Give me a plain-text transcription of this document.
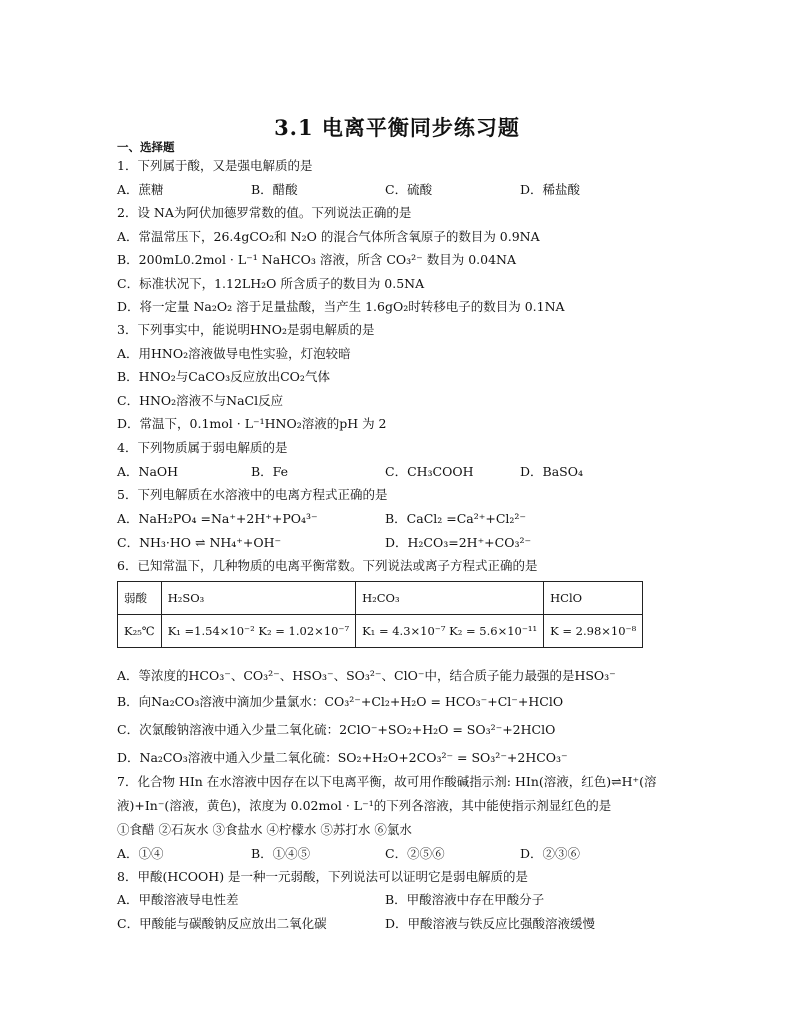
3.1 电离平衡同步练习题
一、选择题
1．下列属于酸，又是强电解质的是
A．蔗糖	B．醋酸	C．硫酸	D．稀盐酸
2．设 NA为阿伏加德罗常数的值。下列说法正确的是
A．常温常压下，26.4gCO₂和 N₂O 的混合气体所含氧原子的数目为 0.9NA
B．200mL0.2mol · L⁻¹ NaHCO₃ 溶液，所含 CO₃²⁻ 数目为 0.04NA
C．标准状况下，1.12LH₂O 所含质子的数目为 0.5NA
D．将一定量 Na₂O₂ 溶于足量盐酸，当产生 1.6gO₂时转移电子的数目为 0.1NA
3．下列事实中，能说明HNO₂是弱电解质的是
A．用HNO₂溶液做导电性实验，灯泡较暗
B．HNO₂与CaCO₃反应放出CO₂气体
C．HNO₂溶液不与NaCl反应
D．常温下，0.1mol · L⁻¹HNO₂溶液的pH 为 2
4．下列物质属于弱电解质的是
A．NaOH	B．Fe	C．CH₃COOH	D．BaSO₄
5．下列电解质在水溶液中的电离方程式正确的是
A．NaH₂PO₄ =Na⁺+2H⁺+PO₄³⁻	B．CaCl₂ =Ca²⁺+Cl₂²⁻
C．NH₃·HO ⇌ NH₄⁺+OH⁻	D．H₂CO₃=2H⁺+CO₃²⁻
6．已知常温下，几种物质的电离平衡常数。下列说法或离子方程式正确的是
弱酸	H₂SO₃	H₂CO₃	HClO
K₂₅℃	K₁ =1.54×10⁻² K₂ = 1.02×10⁻⁷	K₁ = 4.3×10⁻⁷ K₂ = 5.6×10⁻¹¹	K = 2.98×10⁻⁸
A．等浓度的HCO₃⁻、CO₃²⁻、HSO₃⁻、SO₃²⁻、ClO⁻中，结合质子能力最强的是HSO₃⁻
B．向Na₂CO₃溶液中滴加少量氯水：CO₃²⁻+Cl₂+H₂O = HCO₃⁻+Cl⁻+HClO
C．次氯酸钠溶液中通入少量二氧化硫：2ClO⁻+SO₂+H₂O = SO₃²⁻+2HClO
D．Na₂CO₃溶液中通入少量二氧化硫：SO₂+H₂O+2CO₃²⁻ = SO₃²⁻+2HCO₃⁻
7．化合物 HIn 在水溶液中因存在以下电离平衡，故可用作酸碱指示剂: HIn(溶液，红色)⇌H⁺(溶
液)+In⁻(溶液，黄色)，浓度为 0.02mol · L⁻¹的下列各溶液，其中能使指示剂显红色的是
①食醋 ②石灰水 ③食盐水 ④柠檬水 ⑤苏打水 ⑥氯水
A．①④	B．①④⑤	C．②⑤⑥	D．②③⑥
8．甲酸(HCOOH) 是一种一元弱酸，下列说法可以证明它是弱电解质的是
A．甲酸溶液导电性差	B．甲酸溶液中存在甲酸分子
C．甲酸能与碳酸钠反应放出二氧化碳	D．甲酸溶液与铁反应比强酸溶液缓慢
